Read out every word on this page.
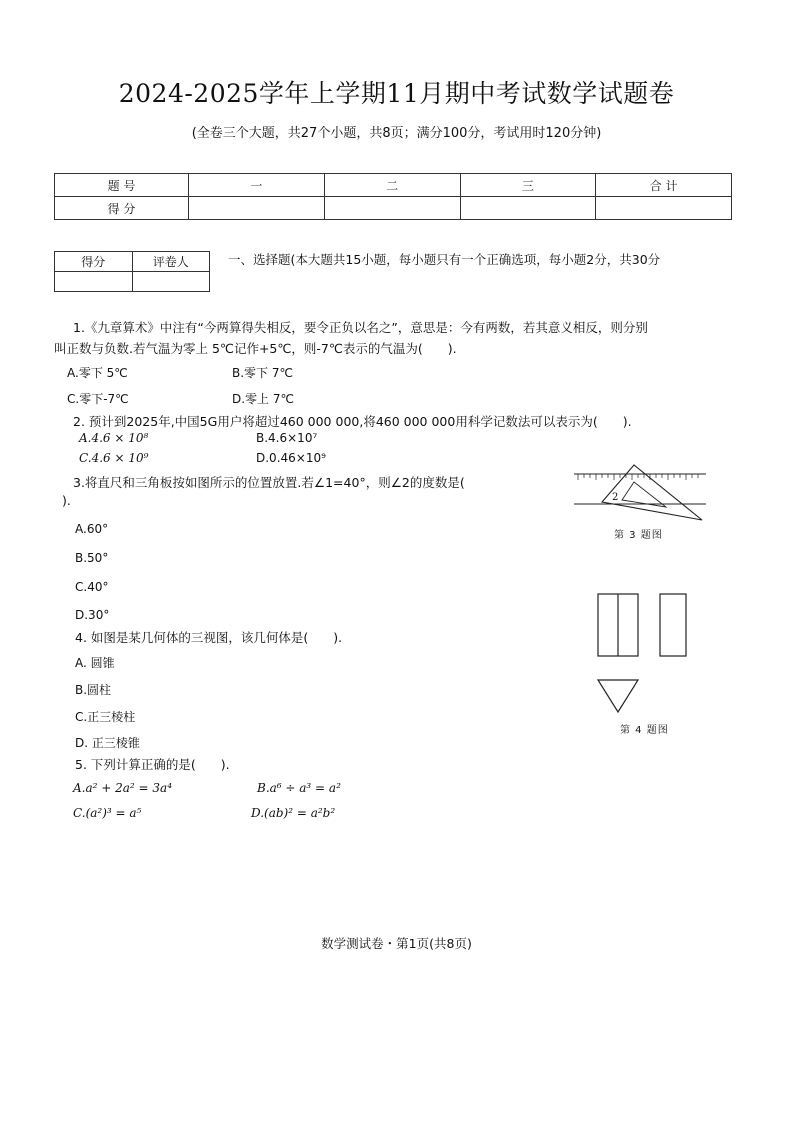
2024-2025学年上学期11月期中考试数学试题卷
(全卷三个大题，共27个小题，共8页；满分100分，考试用时120分钟)
题 号	一	二	三	合 计
得 分				
得分	评卷人
		一、选择题(本大题共15小题，每小题只有一个正确选项，每小题2分，共30分
1.《九章算术》中注有“今两算得失相反，要令正负以名之”，意思是：今有两数，若其意义相反，则分别
叫正数与负数.若气温为零上 5℃记作+5℃，则-7℃表示的气温为(　　).
A.零下 5℃	B.零下 7℃
C.零下-7℃	D.零上 7℃
2. 预计到2025年,中国5G用户将超过460 000 000,将460 000 000用科学记数法可以表示为(　　).
A.4.6 × 10⁸	B.4.6×10⁷
C.4.6 × 10⁹	D.0.46×10⁹
3.将直尺和三角板按如图所示的位置放置.若∠1=40°，则∠2的度数是(
).
A.60°
B.50°
C.40°
D.30°
2
第 3 题图
4. 如图是某几何体的三视图，该几何体是(　　).
A. 圆锥
B.圆柱
C.正三棱柱
D. 正三棱锥
第 4 题图
5. 下列计算正确的是(　　).
A.a² + 2a² = 3a⁴	B.a⁶ ÷ a³ = a²
C.(a²)³ = a⁵	D.(ab)² = a²b²
数学测试卷・第1页(共8页)
